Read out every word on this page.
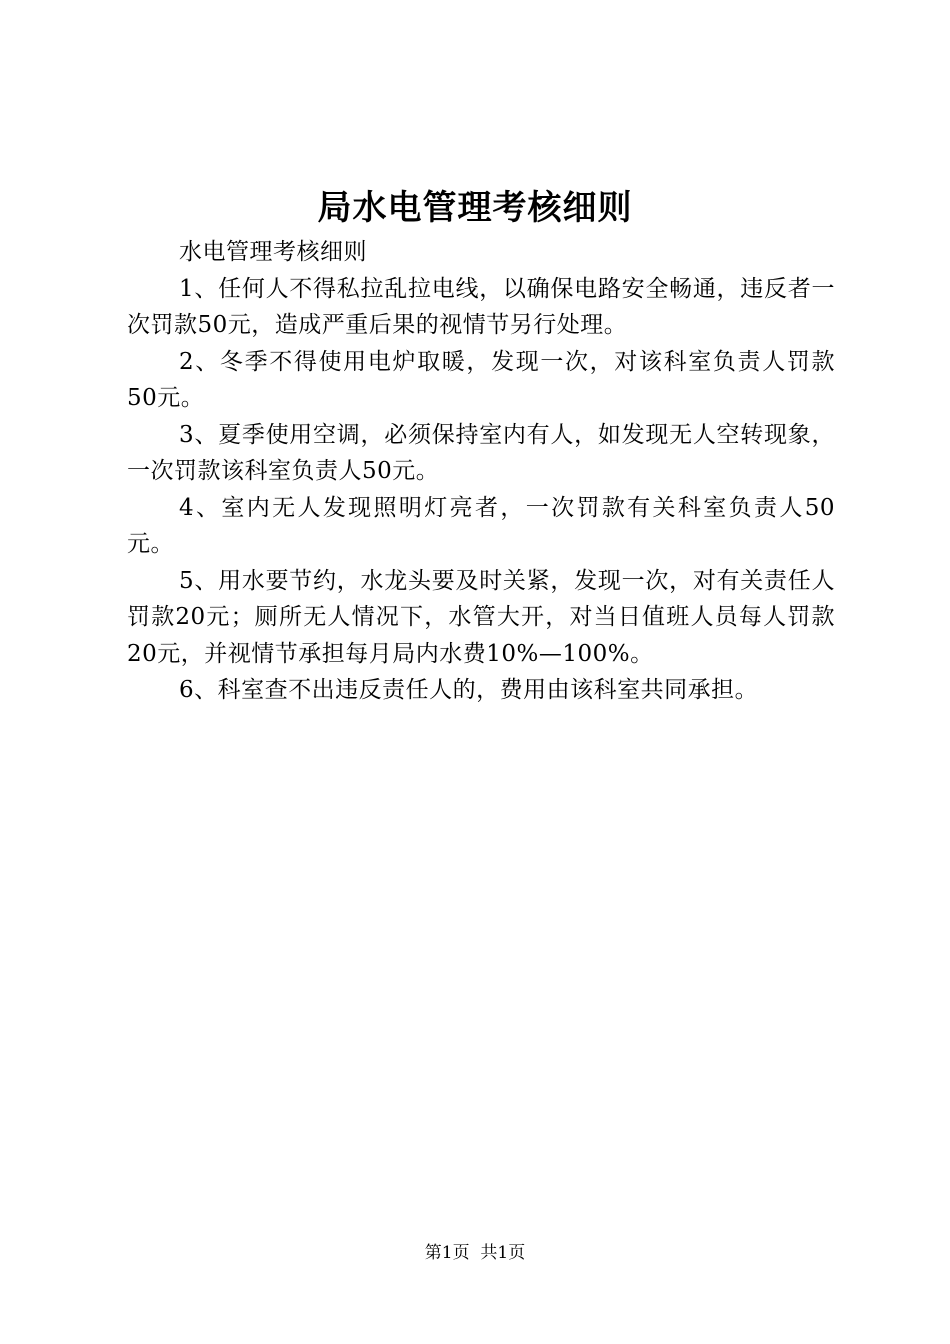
局水电管理考核细则

水电管理考核细则

1、任何人不得私拉乱拉电线，以确保电路安全畅通，违反者一次罚款50元，造成严重后果的视情节另行处理。

2、冬季不得使用电炉取暖，发现一次，对该科室负责人罚款50元。

3、夏季使用空调，必须保持室内有人，如发现无人空转现象，一次罚款该科室负责人50元。

4、室内无人发现照明灯亮者，一次罚款有关科室负责人50元。

5、用水要节约，水龙头要及时关紧，发现一次，对有关责任人罚款20元；厕所无人情况下，水管大开，对当日值班人员每人罚款20元，并视情节承担每月局内水费10%—100%。

6、科室查不出违反责任人的，费用由该科室共同承担。

第1页 共1页
